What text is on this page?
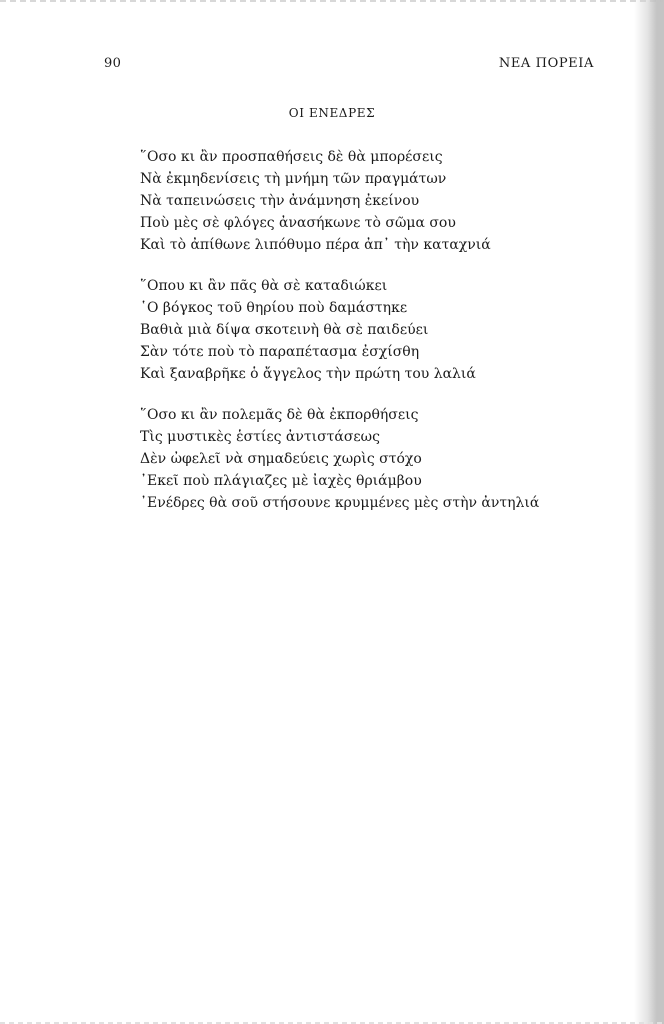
90	ΝΕΑ ΠΟΡΕΙΑ
ΟΙ ΕΝΕΔΡΕΣ
῞Οσο κι ἂν προσπαθήσεις δὲ θὰ μπορέσεις
Νὰ ἐκμηδενίσεις τὴ μνήμη τῶν πραγμάτων
Νὰ ταπεινώσεις τὴν ἀνάμνηση ἐκείνου
Ποὺ μὲς σὲ φλόγες ἀνασήκωνε τὸ σῶμα σου
Καὶ τὸ ἀπίθωνε λιπόθυμο πέρα ἀπ᾽ τὴν καταχνιά
῞Οπου κι ἂν πᾶς θὰ σὲ καταδιώκει
῾Ο βόγκος τοῦ θηρίου ποὺ δαμάστηκε
Βαθιὰ μιὰ δίψα σκοτεινὴ θὰ σὲ παιδεύει
Σὰν τότε ποὺ τὸ παραπέτασμα ἐσχίσθη
Καὶ ξαναβρῆκε ὁ ἄγγελος τὴν πρώτη του λαλιά
῞Οσο κι ἂν πολεμᾶς δὲ θὰ ἐκπορθήσεις
Τὶς μυστικὲς ἑστίες ἀντιστάσεως
Δὲν ὠφελεῖ νὰ σημαδεύεις χωρὶς στόχο
᾽Εκεῖ ποὺ πλάγιαζες μὲ ἰαχὲς θριάμβου
᾽Ενέδρες θὰ σοῦ στήσουνε κρυμμένες μὲς στὴν ἀντηλιά
